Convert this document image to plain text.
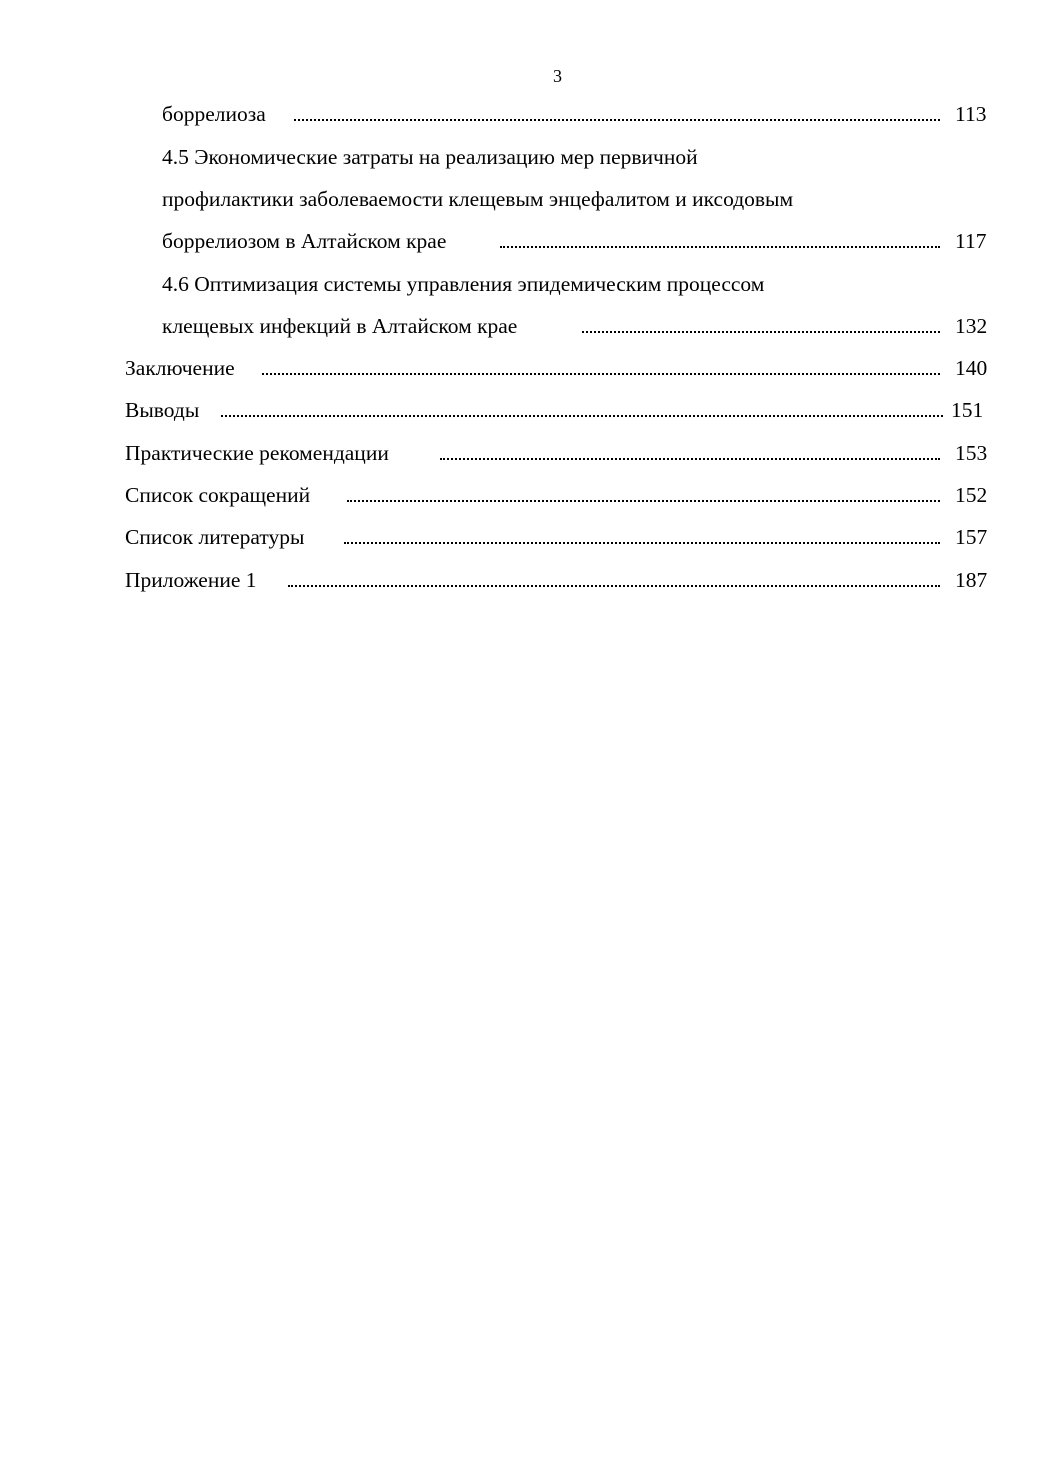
3
боррелиоза	113
4.5 Экономические затраты на реализацию мер первичной
профилактики заболеваемости клещевым энцефалитом и иксодовым
боррелиозом в Алтайском крае	117
4.6 Оптимизация системы управления эпидемическим процессом
клещевых инфекций в Алтайском крае	132
Заключение	140
Выводы	151
Практические рекомендации	153
Список сокращений	152
Список литературы	157
Приложение 1	187
